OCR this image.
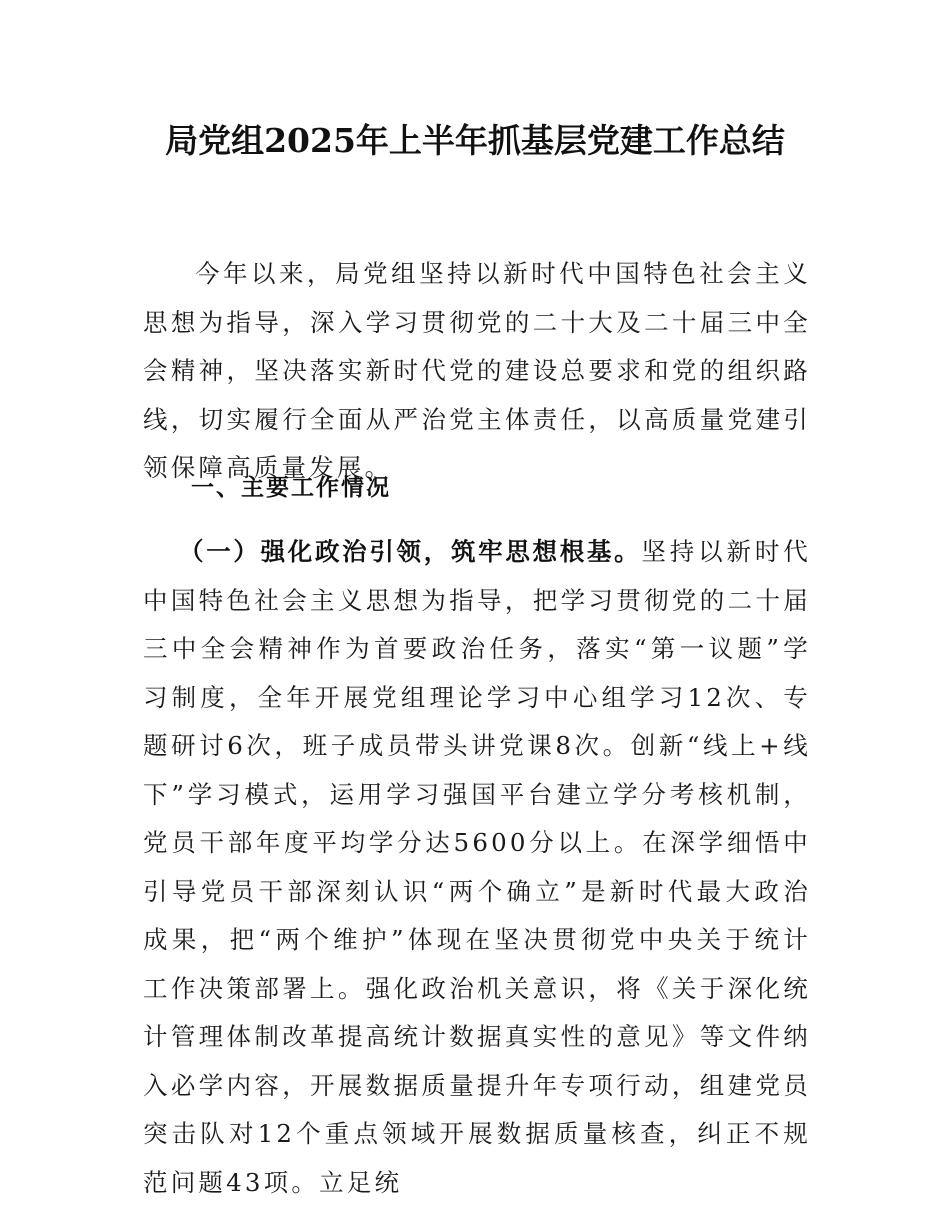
局党组2025年上半年抓基层党建工作总结

今年以来，局党组坚持以新时代中国特色社会主义思想为指导，深入学习贯彻党的二十大及二十届三中全会精神，坚决落实新时代党的建设总要求和党的组织路线，切实履行全面从严治党主体责任，以高质量党建引领保障高质量发展。

一、主要工作情况

（一）强化政治引领，筑牢思想根基。坚持以新时代中国特色社会主义思想为指导，把学习贯彻党的二十届三中全会精神作为首要政治任务，落实“第一议题”学习制度，全年开展党组理论学习中心组学习12次、专题研讨6次，班子成员带头讲党课8次。创新“线上+线下”学习模式，运用学习强国平台建立学分考核机制，党员干部年度平均学分达5600分以上。在深学细悟中引导党员干部深刻认识“两个确立”是新时代最大政治成果，把“两个维护”体现在坚决贯彻党中央关于统计工作决策部署上。强化政治机关意识，将《关于深化统计管理体制改革提高统计数据真实性的意见》等文件纳入必学内容，开展数据质量提升年专项行动，组建党员突击队对12个重点领域开展数据质量核查，纠正不规范问题43项。立足统
